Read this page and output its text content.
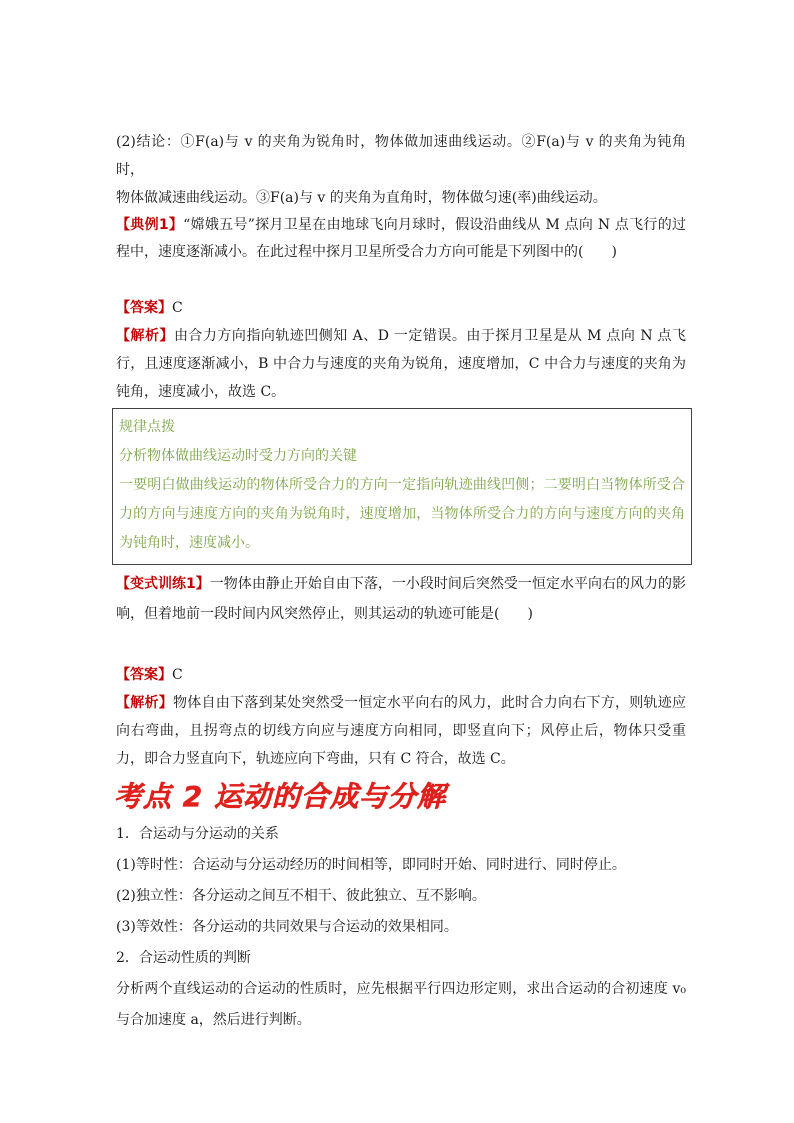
(2)结论：①F(a)与 v 的夹角为锐角时，物体做加速曲线运动。②F(a)与 v 的夹角为钝角时，

物体做减速曲线运动。③F(a)与 v 的夹角为直角时，物体做匀速(率)曲线运动。

【典例1】“嫦娥五号”探月卫星在由地球飞向月球时，假设沿曲线从 M 点向 N 点飞行的过程中，速度逐渐减小。在此过程中探月卫星所受合力方向可能是下列图中的(　　)

【答案】C

【解析】由合力方向指向轨迹凹侧知 A、D 一定错误。由于探月卫星是从 M 点向 N 点飞行，且速度逐渐减小，B 中合力与速度的夹角为锐角，速度增加，C 中合力与速度的夹角为钝角，速度减小，故选 C。

规律点拨
分析物体做曲线运动时受力方向的关键
一要明白做曲线运动的物体所受合力的方向一定指向轨迹曲线凹侧；二要明白当物体所受合力的方向与速度方向的夹角为锐角时，速度增加，当物体所受合力的方向与速度方向的夹角为钝角时，速度减小。

【变式训练1】一物体由静止开始自由下落，一小段时间后突然受一恒定水平向右的风力的影响，但着地前一段时间内风突然停止，则其运动的轨迹可能是(　　)

【答案】C

【解析】物体自由下落到某处突然受一恒定水平向右的风力，此时合力向右下方，则轨迹应向右弯曲，且拐弯点的切线方向应与速度方向相同，即竖直向下；风停止后，物体只受重力，即合力竖直向下，轨迹应向下弯曲，只有 C 符合，故选 C。

考点 2 运动的合成与分解

1．合运动与分运动的关系

(1)等时性：合运动与分运动经历的时间相等，即同时开始、同时进行、同时停止。

(2)独立性：各分运动之间互不相干、彼此独立、互不影响。

(3)等效性：各分运动的共同效果与合运动的效果相同。

2．合运动性质的判断

分析两个直线运动的合运动的性质时，应先根据平行四边形定则，求出合运动的合初速度 v₀ 与合加速度 a，然后进行判断。
